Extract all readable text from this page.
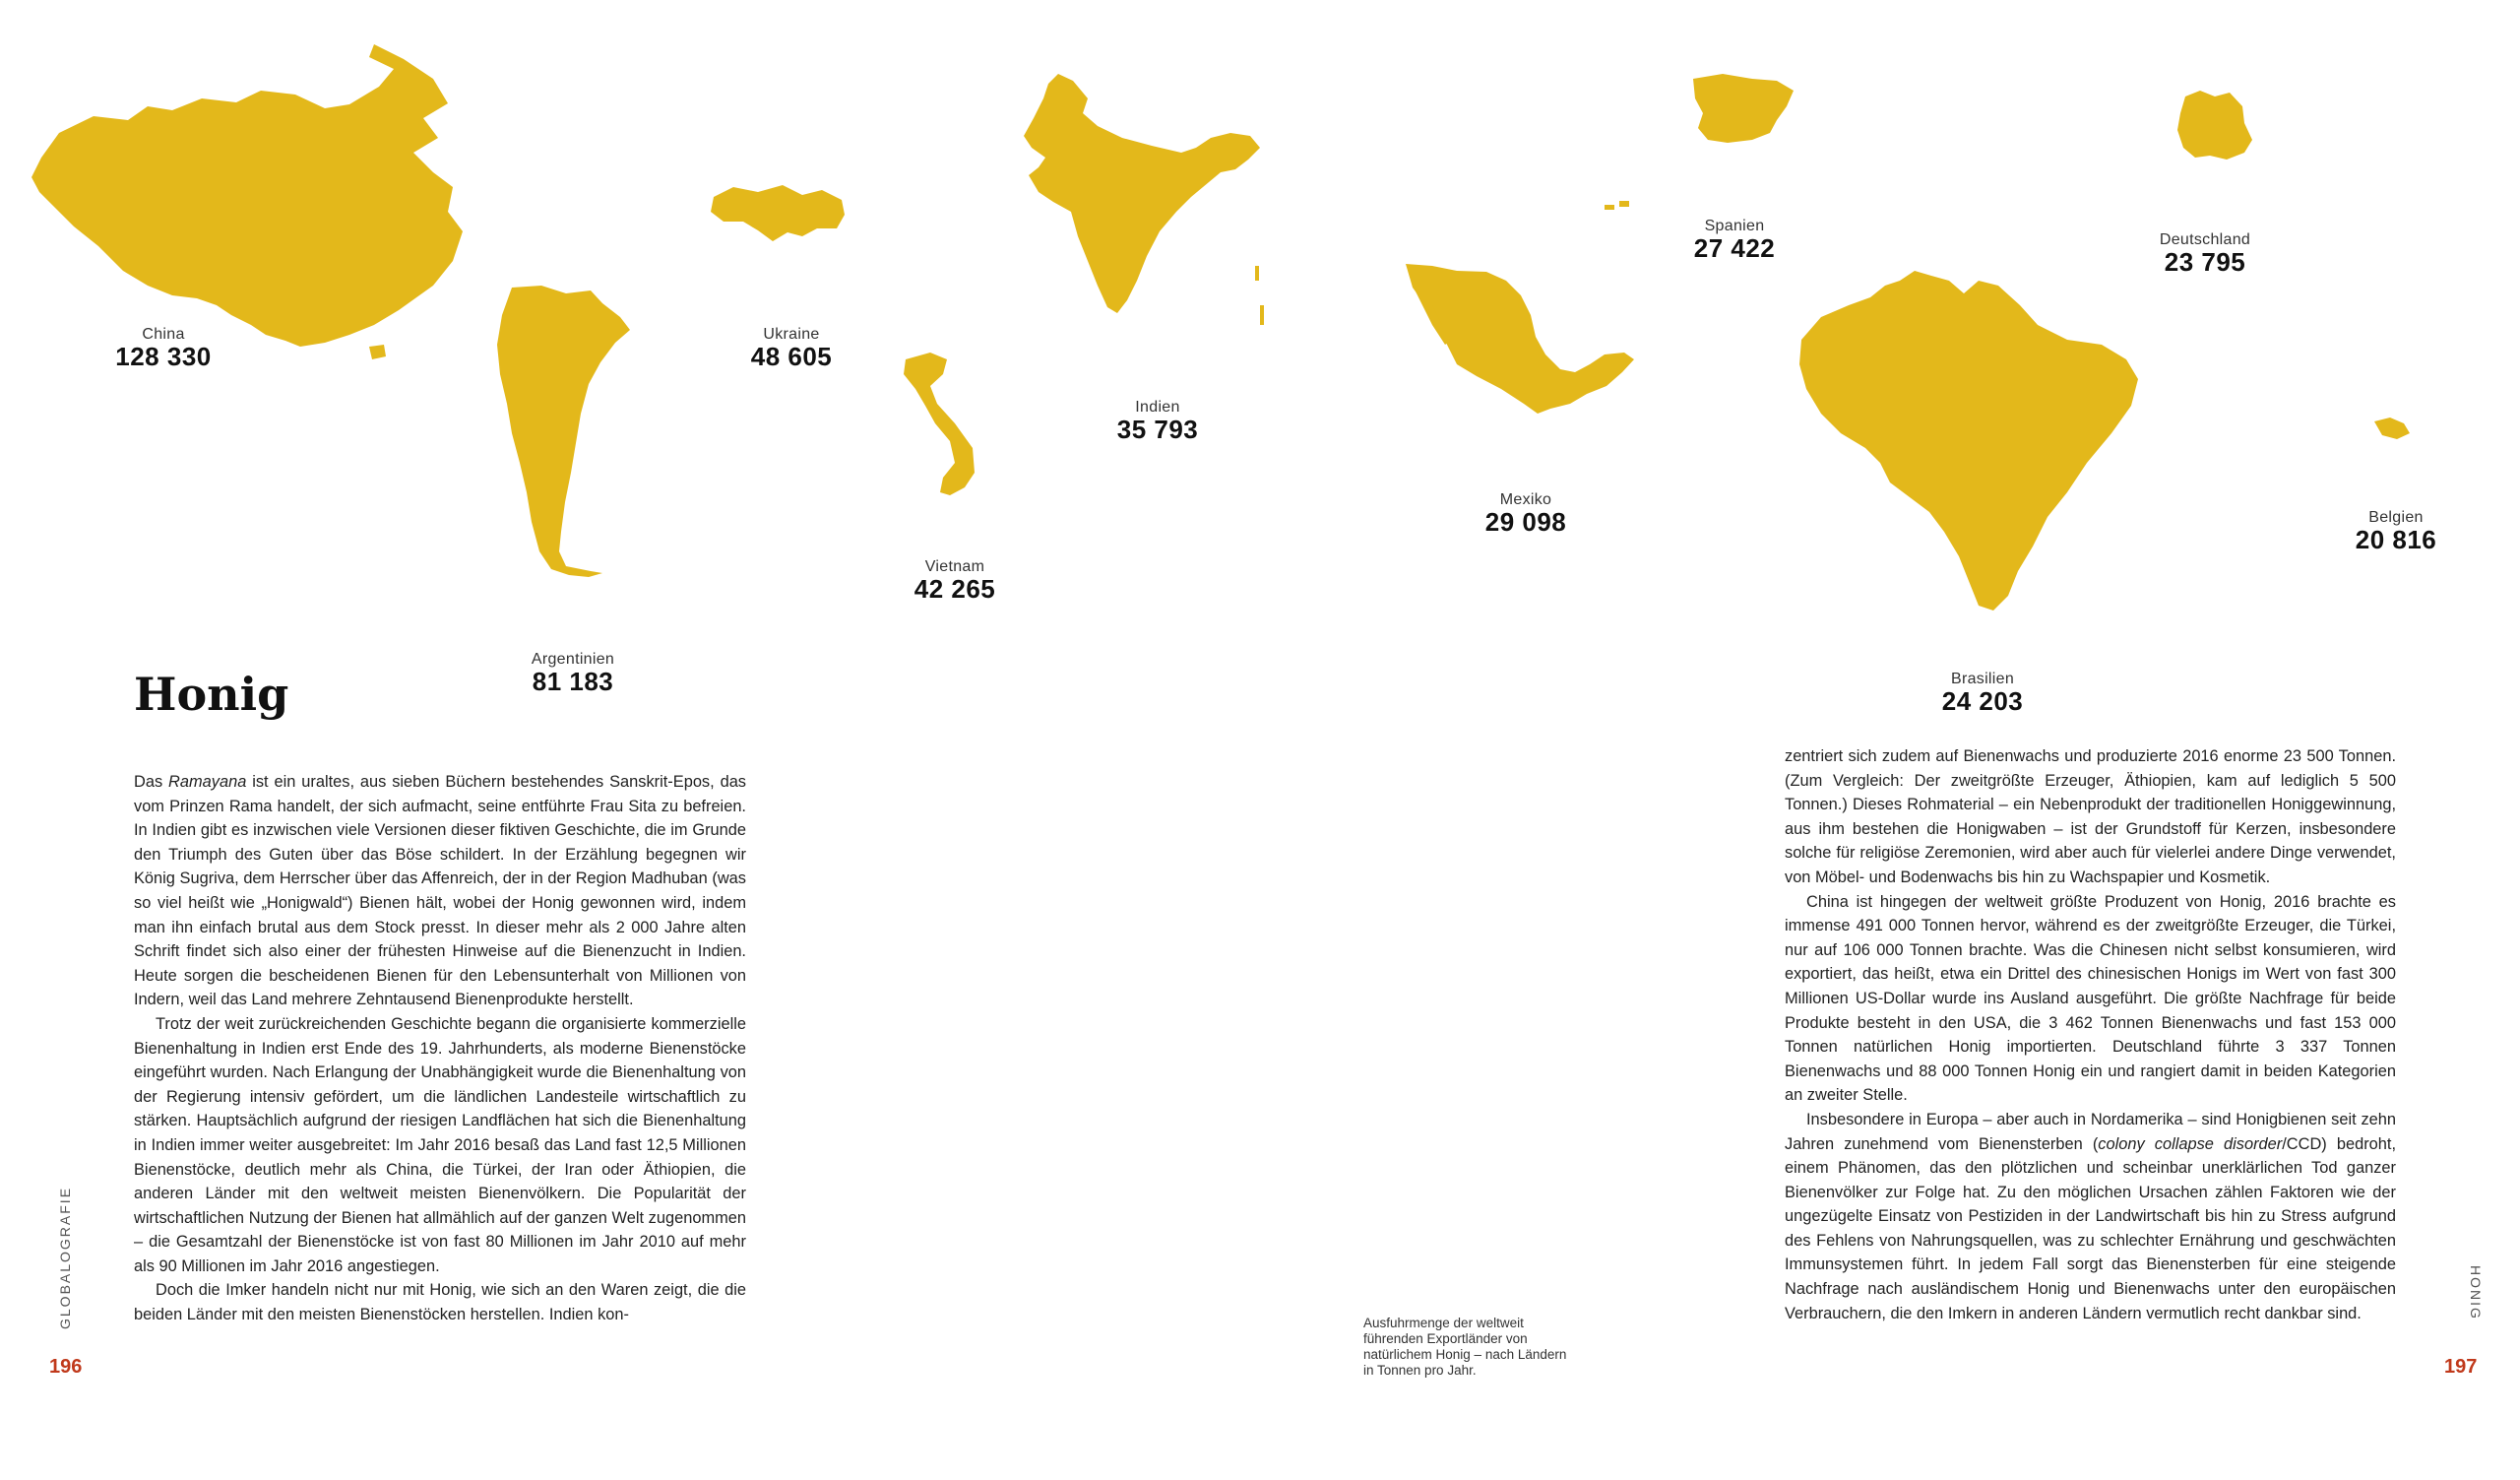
China
128 330
Argentinien
81 183
Ukraine
48 605
Vietnam
42 265
Indien
35 793
Mexiko
29 098
Spanien
27 422
Brasilien
24 203
Deutschland
23 795
Belgien
20 816
Honig

Das Ramayana ist ein uraltes, aus sieben Büchern bestehendes Sanskrit-Epos, das vom Prinzen Rama handelt, der sich aufmacht, seine entführte Frau Sita zu befreien. In Indien gibt es inzwischen viele Versionen dieser fiktiven Geschichte, die im Grunde den Triumph des Guten über das Böse schildert. In der Erzählung begegnen wir König Sugriva, dem Herrscher über das Affenreich, der in der Region Madhuban (was so viel heißt wie „Honigwald“) Bienen hält, wobei der Honig gewonnen wird, indem man ihn einfach brutal aus dem Stock presst. In dieser mehr als 2 000 Jahre alten Schrift findet sich also einer der frühesten Hinweise auf die Bienenzucht in Indien. Heute sorgen die bescheidenen Bienen für den Lebensunterhalt von Millionen von Indern, weil das Land mehrere Zehntausend Bienenprodukte herstellt.

Trotz der weit zurückreichenden Geschichte begann die organisierte kommerzielle Bienenhaltung in Indien erst Ende des 19. Jahrhunderts, als moderne Bienenstöcke eingeführt wurden. Nach Erlangung der Unabhängigkeit wurde die Bienenhaltung von der Regierung intensiv gefördert, um die ländlichen Landesteile wirtschaftlich zu stärken. Hauptsächlich aufgrund der riesigen Landflächen hat sich die Bienenhaltung in Indien immer weiter ausgebreitet: Im Jahr 2016 besaß das Land fast 12,5 Millionen Bienenstöcke, deutlich mehr als China, die Türkei, der Iran oder Äthiopien, die anderen Länder mit den weltweit meisten Bienenvölkern. Die Popularität der wirtschaftlichen Nutzung der Bienen hat allmählich auf der ganzen Welt zugenommen – die Gesamtzahl der Bienenstöcke ist von fast 80 Millionen im Jahr 2010 auf mehr als 90 Millionen im Jahr 2016 angestiegen.

Doch die Imker handeln nicht nur mit Honig, wie sich an den Waren zeigt, die die beiden Länder mit den meisten Bienenstöcken herstellen. Indien kon-

zentriert sich zudem auf Bienenwachs und produzierte 2016 enorme 23 500 Tonnen. (Zum Vergleich: Der zweitgrößte Erzeuger, Äthiopien, kam auf lediglich 5 500 Tonnen.) Dieses Rohmaterial – ein Nebenprodukt der traditionellen Honiggewinnung, aus ihm bestehen die Honigwaben – ist der Grundstoff für Kerzen, insbesondere solche für religiöse Zeremonien, wird aber auch für vielerlei andere Dinge verwendet, von Möbel- und Bodenwachs bis hin zu Wachspapier und Kosmetik.

China ist hingegen der weltweit größte Produzent von Honig, 2016 brachte es immense 491 000 Tonnen hervor, während es der zweitgrößte Erzeuger, die Türkei, nur auf 106 000 Tonnen brachte. Was die Chinesen nicht selbst konsumieren, wird exportiert, das heißt, etwa ein Drittel des chinesischen Honigs im Wert von fast 300 Millionen US-Dollar wurde ins Ausland ausgeführt. Die größte Nachfrage für beide Produkte besteht in den USA, die 3 462 Tonnen Bienenwachs und fast 153 000 Tonnen natürlichen Honig importierten. Deutschland führte 3 337 Tonnen Bienenwachs und 88 000 Tonnen Honig ein und rangiert damit in beiden Kategorien an zweiter Stelle.

Insbesondere in Europa – aber auch in Nordamerika – sind Honigbienen seit zehn Jahren zunehmend vom Bienensterben (colony collapse disorder/CCD) bedroht, einem Phänomen, das den plötzlichen und scheinbar unerklärlichen Tod ganzer Bienenvölker zur Folge hat. Zu den möglichen Ursachen zählen Faktoren wie der ungezügelte Einsatz von Pestiziden in der Landwirtschaft bis hin zu Stress aufgrund des Fehlens von Nahrungsquellen, was zu schlechter Ernährung und geschwächten Immunsystemen führt. In jedem Fall sorgt das Bienensterben für eine steigende Nachfrage nach ausländischem Honig und Bienenwachs unter den europäischen Verbrauchern, die den Imkern in anderen Ländern vermutlich recht dankbar sind.

Ausfuhrmenge der weltweit führenden Exportländer von natürlichem Honig – nach Ländern in Tonnen pro Jahr.
GLOBALOGRAFIE	HONIG
196	197
